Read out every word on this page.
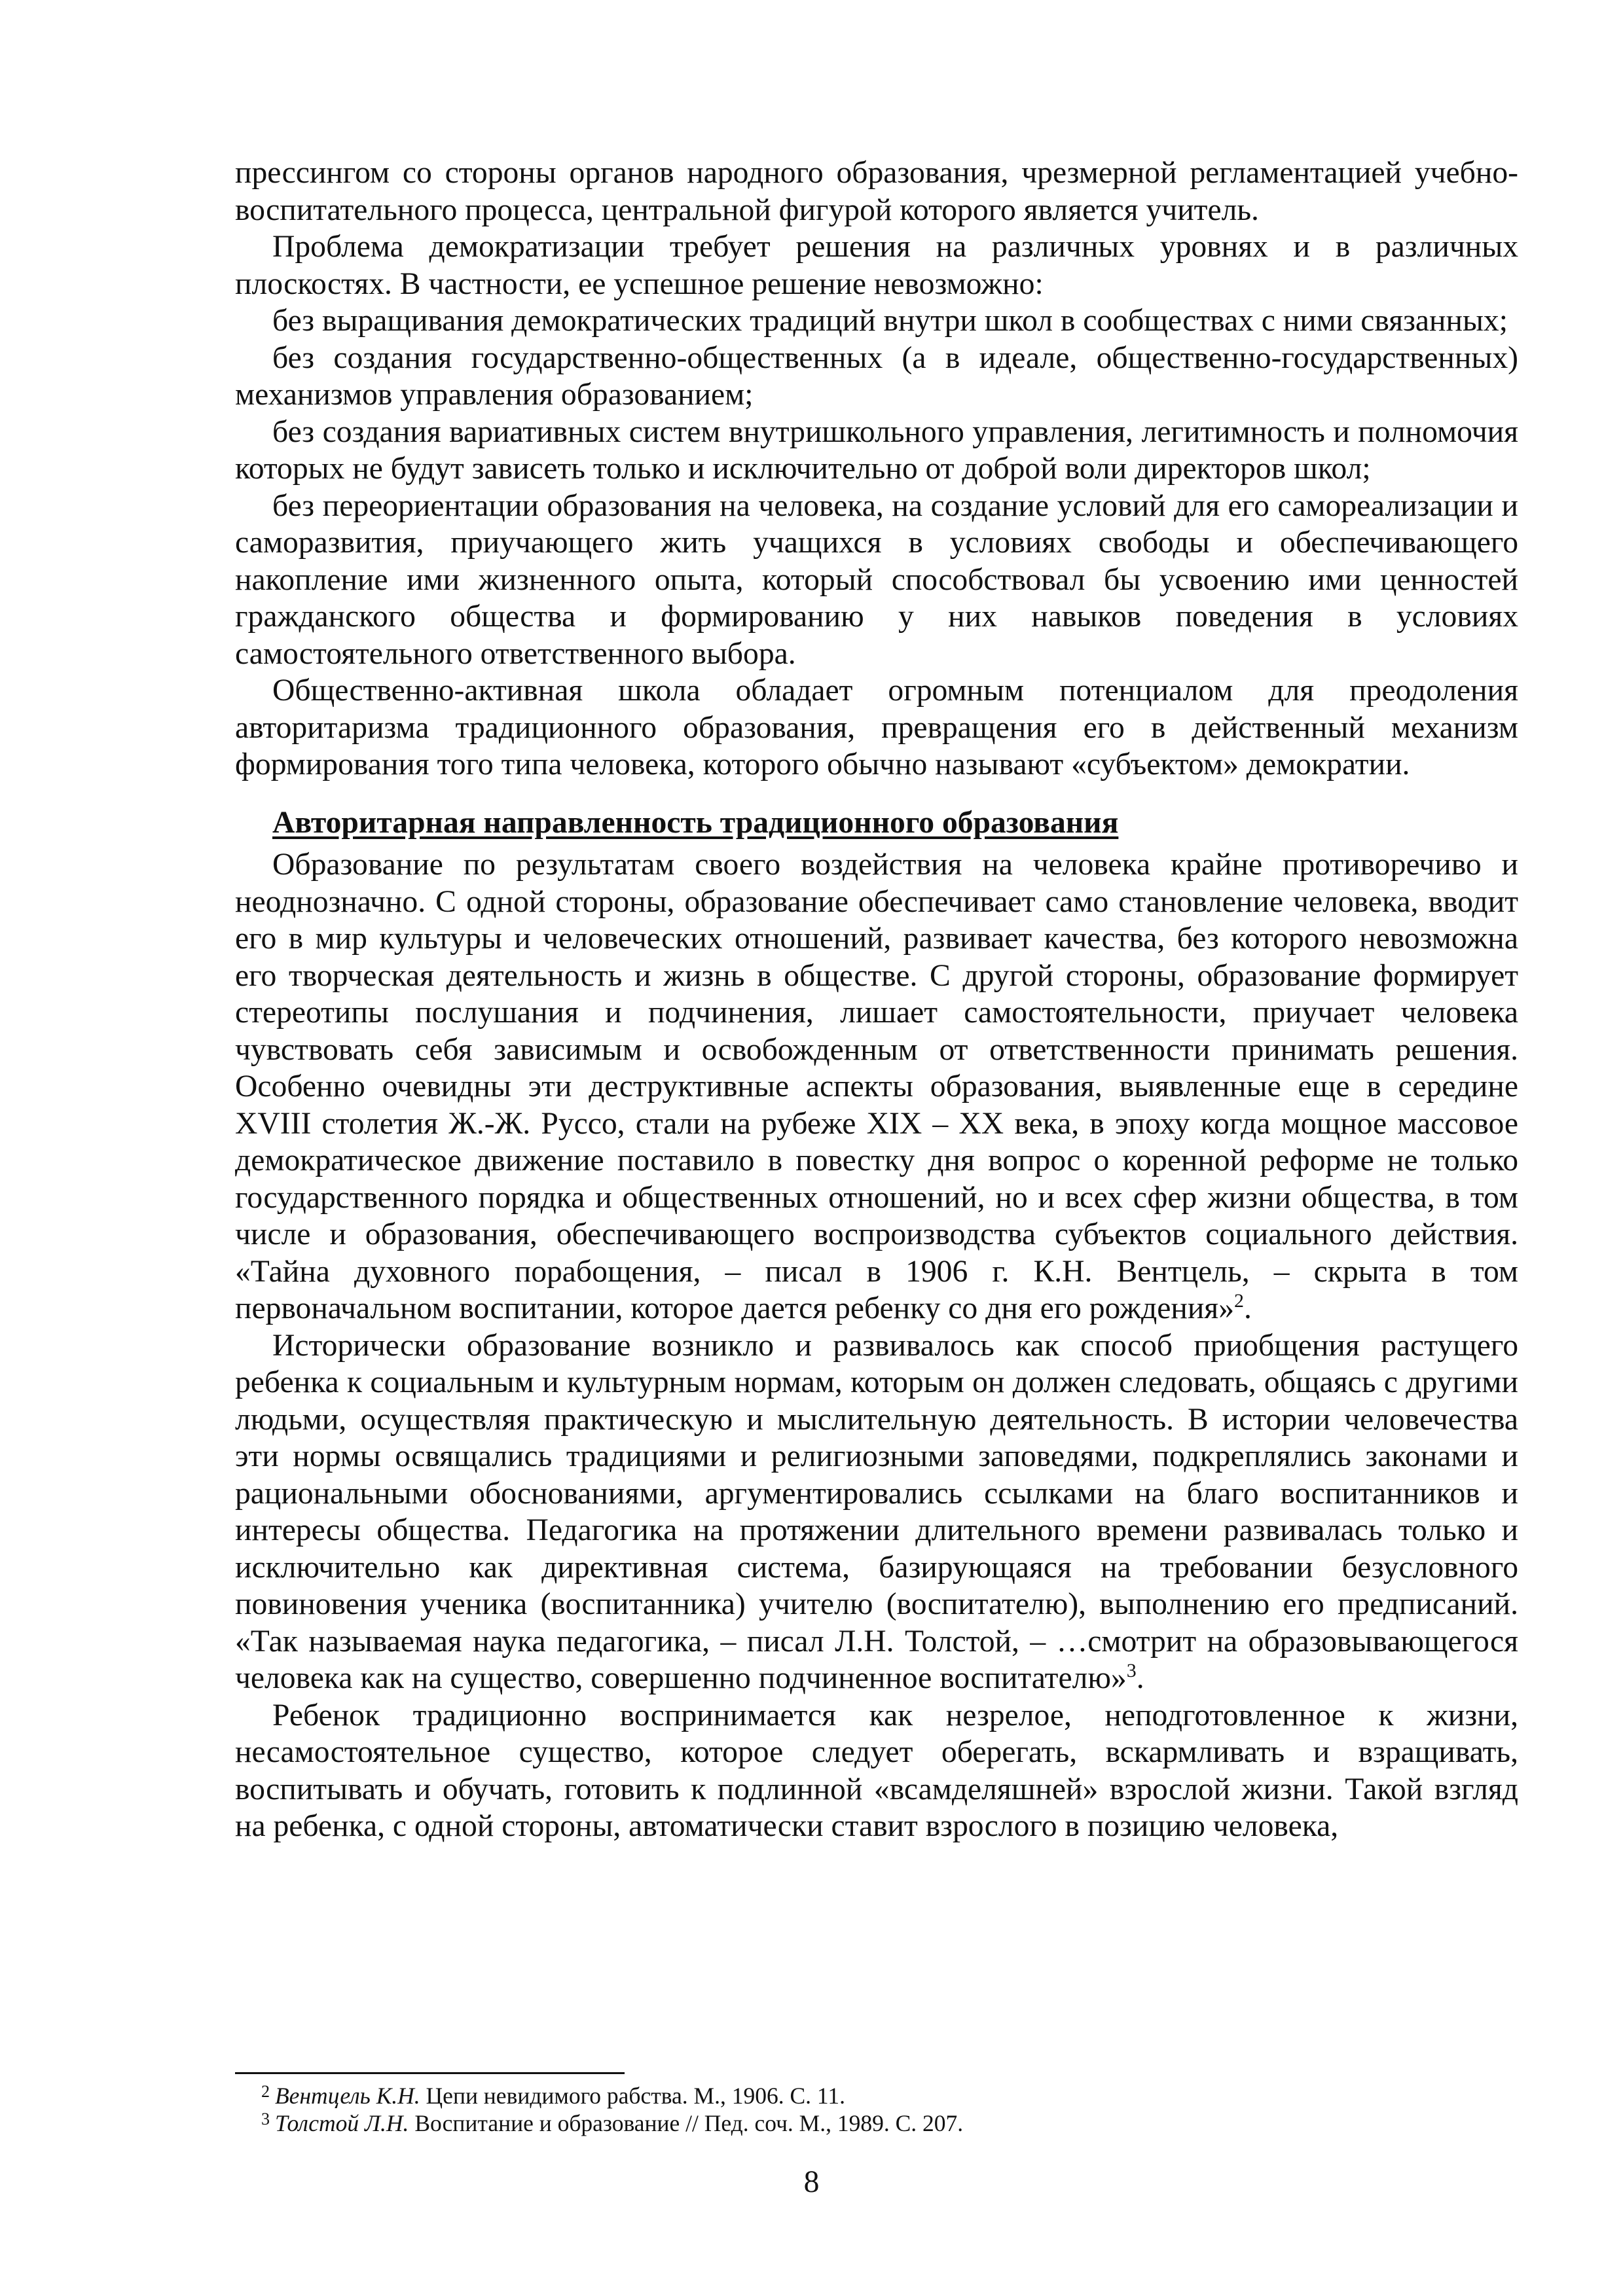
прессингом со стороны органов народного образования, чрезмерной регламентацией учебно-воспитательного процесса, центральной фигурой которого является учитель.

Проблема демократизации требует решения на различных уровнях и в различных плоскостях. В частности, ее успешное решение невозможно:

без выращивания демократических традиций внутри школ в сообществах с ними связанных;

без создания государственно-общественных (а в идеале, общественно-государственных) механизмов управления образованием;

без создания вариативных систем внутришкольного управления, легитимность и полномочия которых не будут зависеть только и исключительно от доброй воли директоров школ;

без переориентации образования на человека, на создание условий для его самореализации и саморазвития, приучающего жить учащихся в условиях свободы и обеспечивающего накопление ими жизненного опыта, который способствовал бы усвоению ими ценностей гражданского общества и формированию у них навыков поведения в условиях самостоятельного ответственного выбора.

Общественно-активная школа обладает огромным потенциалом для преодоления авторитаризма традиционного образования, превращения его в действенный механизм формирования того типа человека, которого обычно называют «субъектом» демократии.

Авторитарная направленность традиционного образования

Образование по результатам своего воздействия на человека крайне противоречиво и неоднозначно. С одной стороны, образование обеспечивает само становление человека, вводит его в мир культуры и человеческих отношений, развивает качества, без которого невозможна его творческая деятельность и жизнь в обществе. С другой стороны, образование формирует стереотипы послушания и подчинения, лишает самостоятельности, приучает человека чувствовать себя зависимым и освобожденным от ответственности принимать решения. Особенно очевидны эти деструктивные аспекты образования, выявленные еще в середине XVIII столетия Ж.-Ж. Руссо, стали на рубеже XIX – XX века, в эпоху когда мощное массовое демократическое движение поставило в повестку дня вопрос о коренной реформе не только государственного порядка и общественных отношений, но и всех сфер жизни общества, в том числе и образования, обеспечивающего воспроизводства субъектов социального действия. «Тайна духовного порабощения, – писал в 1906 г. К.Н. Вентцель, – скрыта в том первоначальном воспитании, которое дается ребенку со дня его рождения»$^2$.

Исторически образование возникло и развивалось как способ приобщения растущего ребенка к социальным и культурным нормам, которым он должен следовать, общаясь с другими людьми, осуществляя практическую и мыслительную деятельность. В истории человечества эти нормы освящались традициями и религиозными заповедями, подкреплялись законами и рациональными обоснованиями, аргументировались ссылками на благо воспитанников и интересы общества. Педагогика на протяжении длительного времени развивалась только и исключительно как директивная система, базирующаяся на требовании безусловного повиновения ученика (воспитанника) учителю (воспитателю), выполнению его предписаний. «Так называемая наука педагогика, – писал Л.Н. Толстой, – …смотрит на образовывающегося человека как на существо, совершенно подчиненное воспитателю»$^3$.

Ребенок традиционно воспринимается как незрелое, неподготовленное к жизни, несамостоятельное существо, которое следует оберегать, вскармливать и взращивать, воспитывать и обучать, готовить к подлинной «всамделяшней» взрослой жизни. Такой взгляд на ребенка, с одной стороны, автоматически ставит взрослого в позицию человека,

2 Вентцель К.Н. Цепи невидимого рабства. М., 1906. С. 11.

3 Толстой Л.Н. Воспитание и образование // Пед. соч. М., 1989. С. 207.

8
